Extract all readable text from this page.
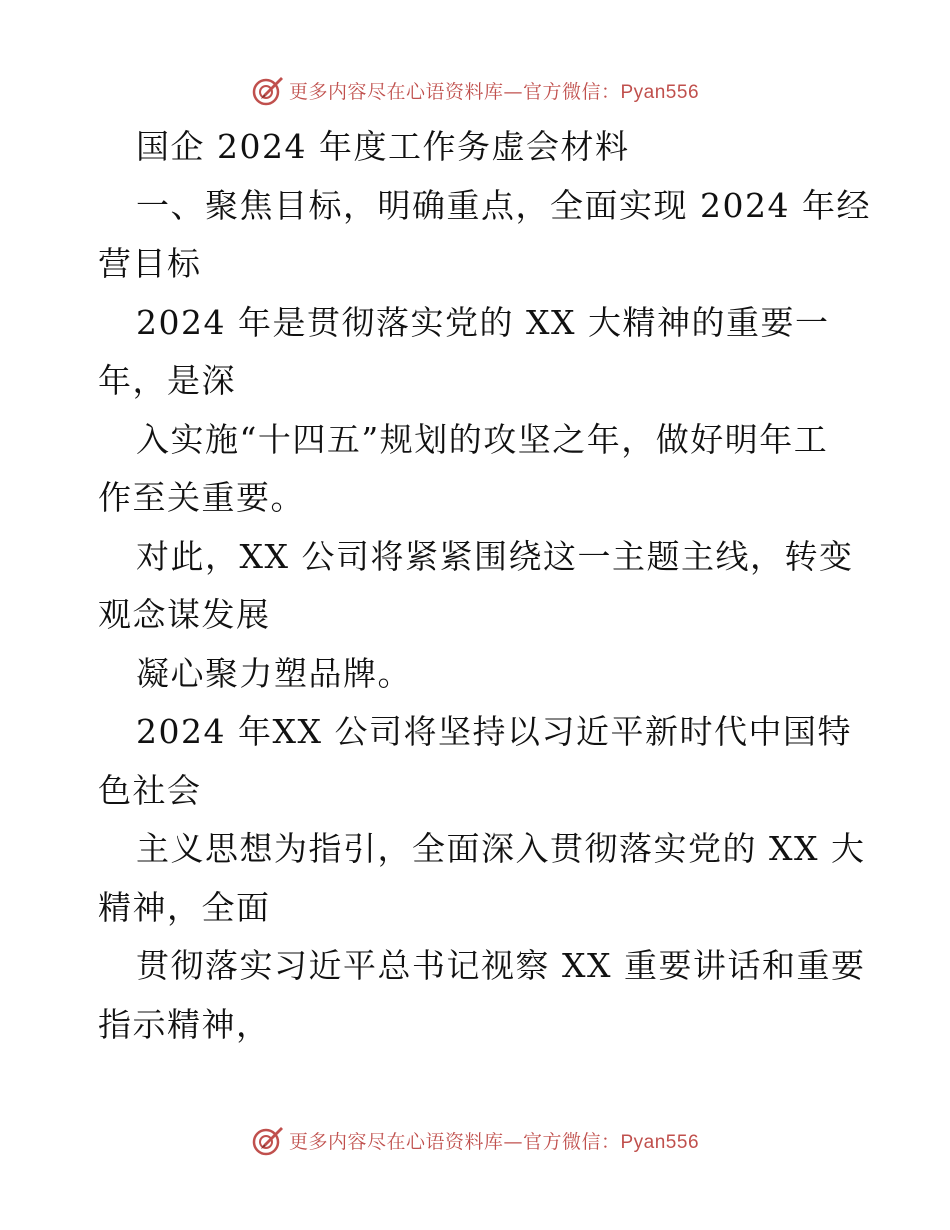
更多内容尽在心语资料库—官方微信：Pyan556
国企 2024 年度工作务虚会材料
一、聚焦目标，明确重点，全面实现 2024 年经
营目标
2024 年是贯彻落实党的 XX 大精神的重要一
年，是深
入实施“十四五”规划的攻坚之年，做好明年工
作至关重要。
对此，XX 公司将紧紧围绕这一主题主线，转变
观念谋发展
凝心聚力塑品牌。
2024 年XX 公司将坚持以习近平新时代中国特
色社会
主义思想为指引，全面深入贯彻落实党的 XX 大
精神，全面
贯彻落实习近平总书记视察 XX 重要讲话和重要
指示精神，
更多内容尽在心语资料库—官方微信：Pyan556
